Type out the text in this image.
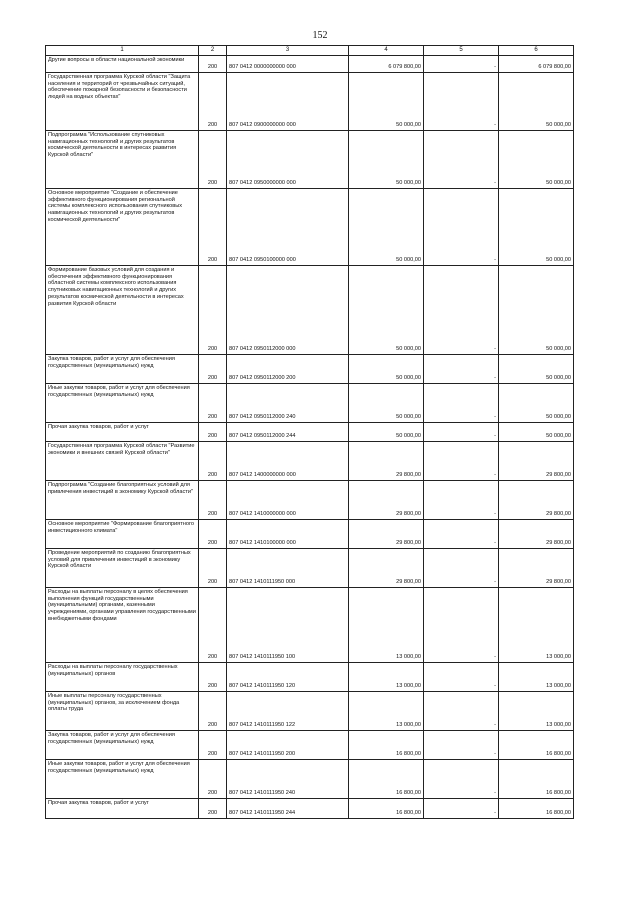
152
1	2	3	4	5	6
Другие вопросы в области национальной экономики	200	807 0412 0000000000 000	6 079 800,00	-	6 079 800,00
Государственная программа Курской области "Защита населения и территорий от чрезвычайных ситуаций, обеспечение пожарной безопасности и безопасности людей на водных объектах"	200	807 0412 0900000000 000	50 000,00	-	50 000,00
Подпрограмма "Использование спутниковых навигационных технологий и других результатов космической деятельности в интересах развития Курской области"	200	807 0412 0950000000 000	50 000,00	-	50 000,00
Основное мероприятие "Создание и обеспечение эффективного функционирования региональной системы комплексного использования спутниковых навигационных технологий и других результатов космической деятельности"	200	807 0412 0950100000 000	50 000,00	-	50 000,00
Формирование базовых условий для создания и обеспечения эффективного функционирования областной системы комплексного использования спутниковых навигационных технологий и других результатов космической деятельности в интересах развития Курской области	200	807 0412 0950112000 000	50 000,00	-	50 000,00
Закупка товаров, работ и услуг для обеспечения государственных (муниципальных) нужд	200	807 0412 0950112000 200	50 000,00	-	50 000,00
Иные закупки товаров, работ и услуг для обеспечения государственных (муниципальных) нужд	200	807 0412 0950112000 240	50 000,00	-	50 000,00
Прочая закупка товаров, работ и услуг	200	807 0412 0950112000 244	50 000,00	-	50 000,00
Государственная программа Курской области "Развитие экономики и внешних связей Курской области"	200	807 0412 1400000000 000	29 800,00	-	29 800,00
Подпрограмма "Создание благоприятных условий для привлечения инвестиций в экономику Курской области"	200	807 0412 1410000000 000	29 800,00	-	29 800,00
Основное мероприятие "Формирование благоприятного инвестиционного климата"	200	807 0412 1410100000 000	29 800,00	-	29 800,00
Проведение мероприятий по созданию благоприятных условий для привлечения инвестиций в экономику Курской области	200	807 0412 1410111950 000	29 800,00	-	29 800,00
Расходы на выплаты персоналу в целях обеспечения выполнения функций государственными (муниципальными) органами, казенными учреждениями, органами управления государственными внебюджетными фондами	200	807 0412 1410111950 100	13 000,00	-	13 000,00
Расходы на выплаты персоналу государственных (муниципальных) органов	200	807 0412 1410111950 120	13 000,00	-	13 000,00
Иные выплаты персоналу государственных (муниципальных) органов, за исключением фонда оплаты труда	200	807 0412 1410111950 122	13 000,00	-	13 000,00
Закупка товаров, работ и услуг для обеспечения государственных (муниципальных) нужд	200	807 0412 1410111950 200	16 800,00	-	16 800,00
Иные закупки товаров, работ и услуг для обеспечения государственных (муниципальных) нужд	200	807 0412 1410111950 240	16 800,00	-	16 800,00
Прочая закупка товаров, работ и услуг	200	807 0412 1410111950 244	16 800,00	-	16 800,00
